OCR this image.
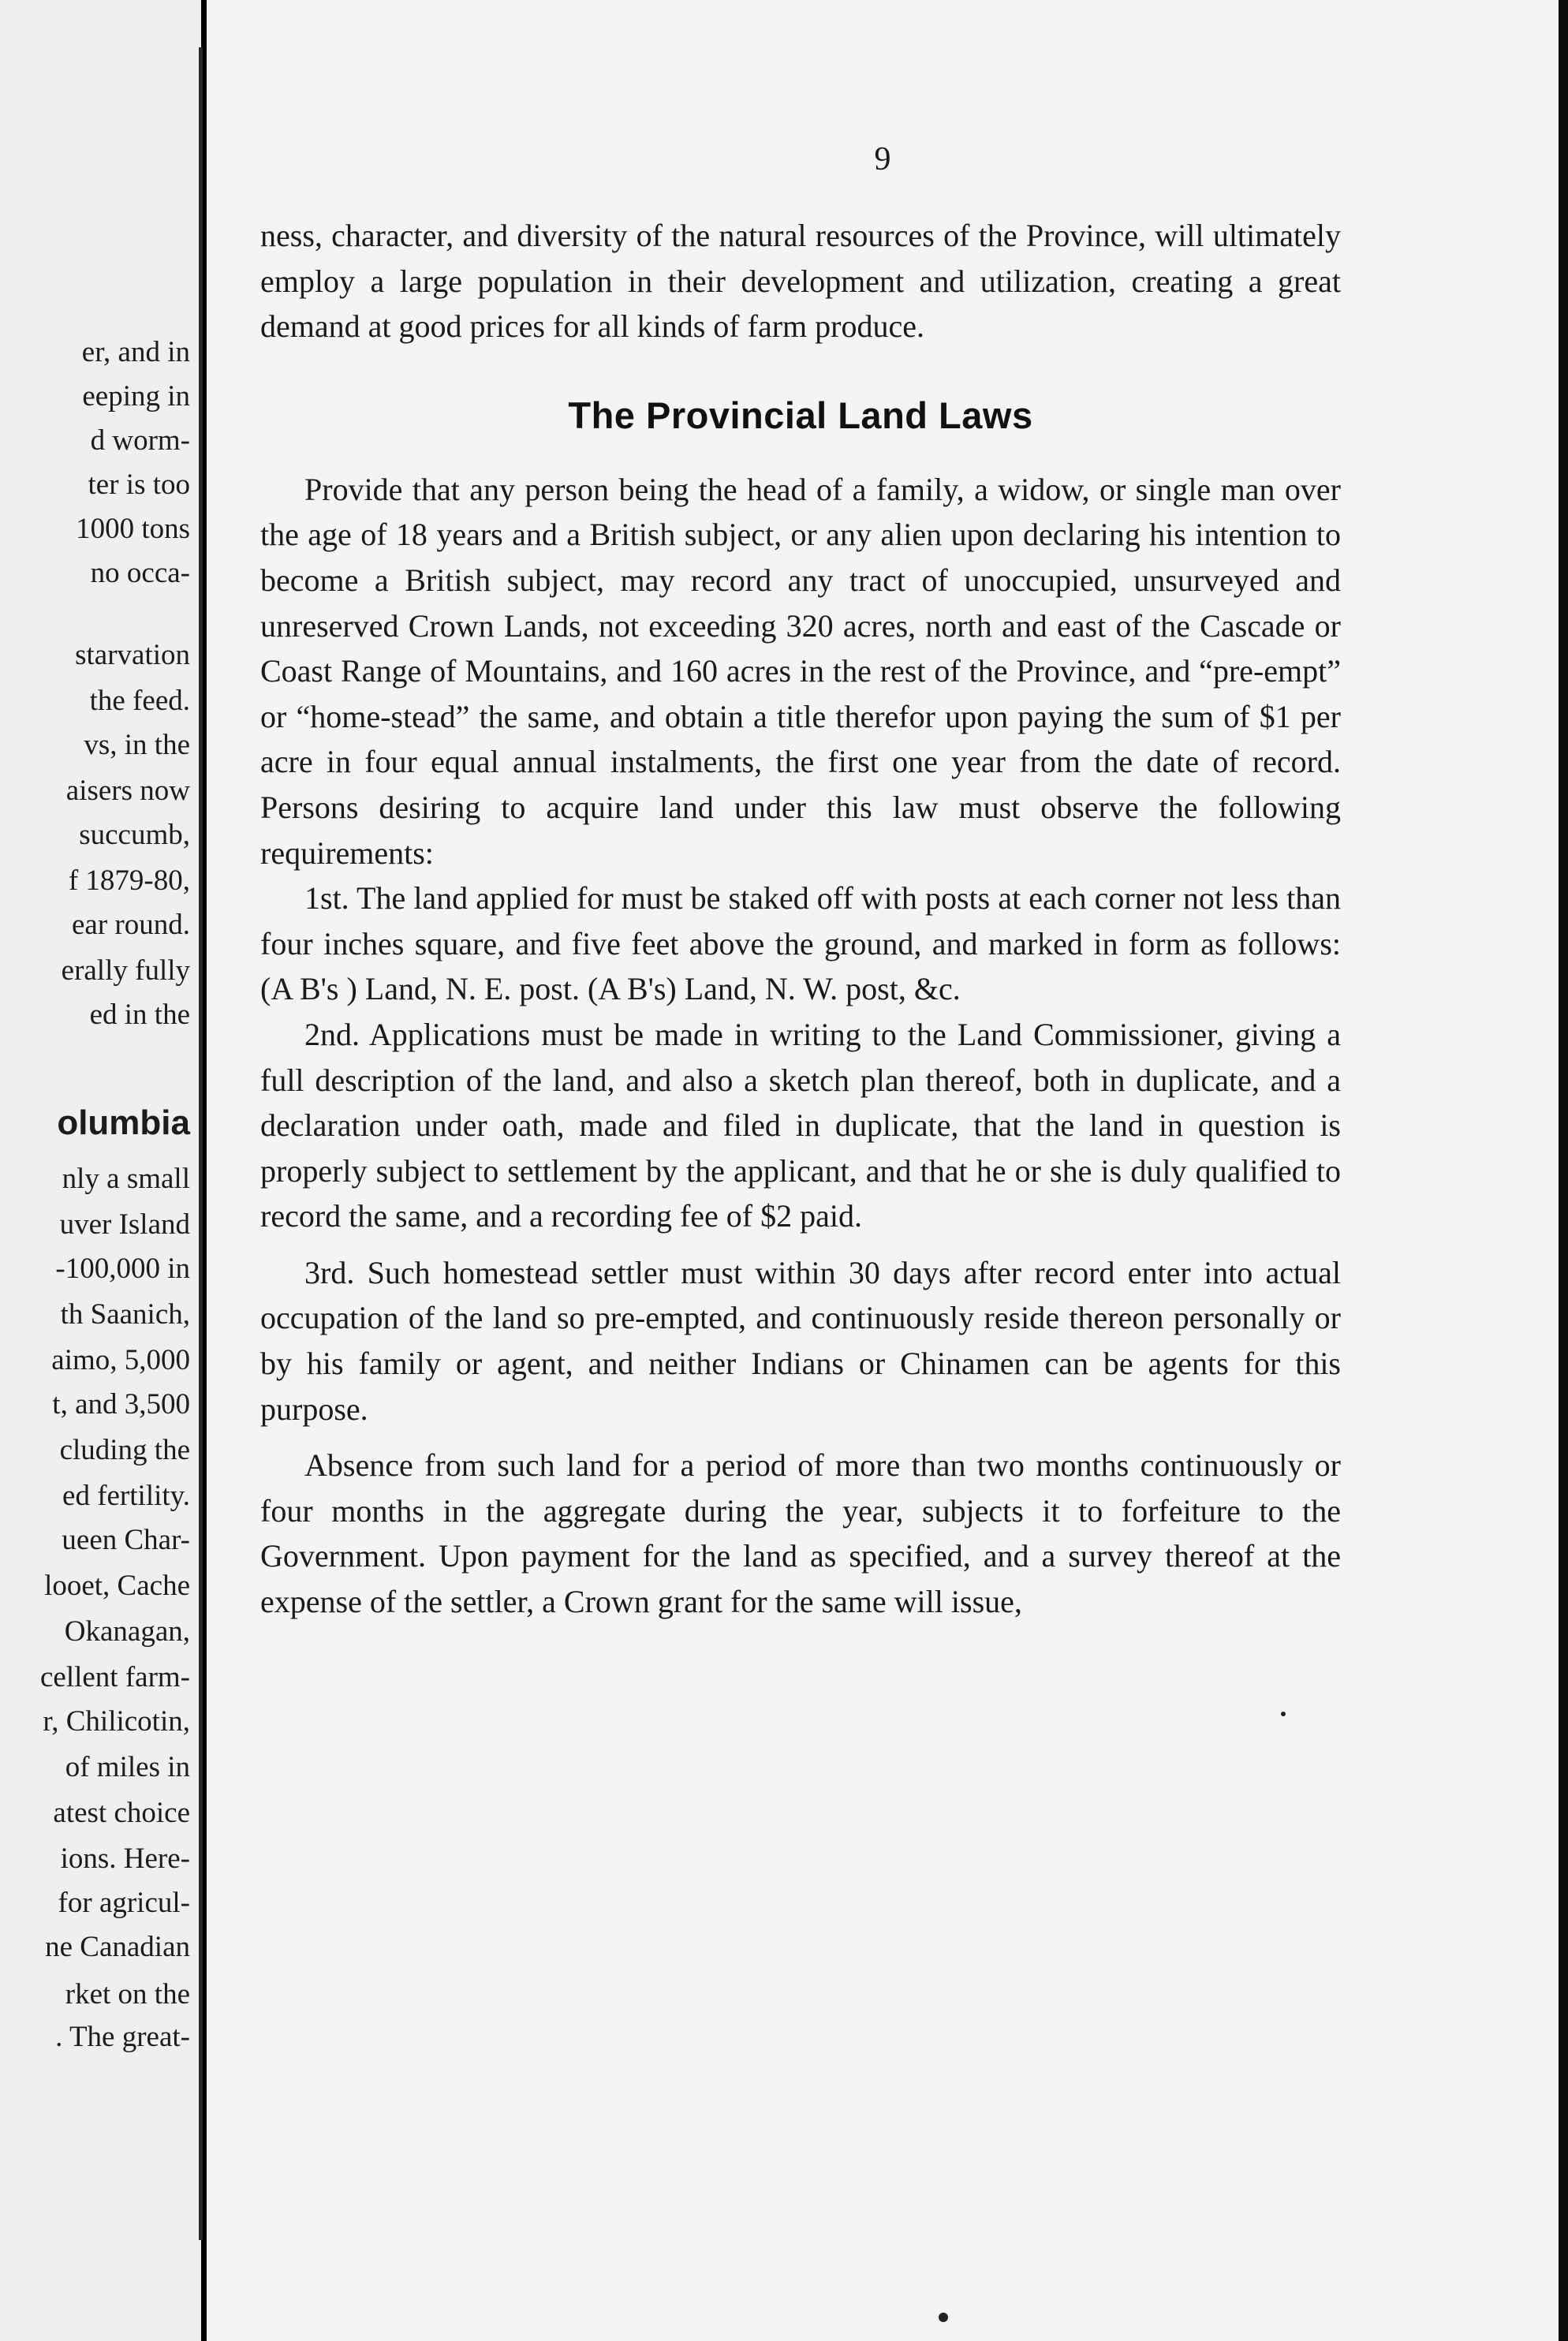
er, and in
eeping in
d worm-
ter is too
1000 tons
no occa-
starvation
the feed.
vs, in the
aisers now
succumb,
f 1879-80,
ear round.
erally fully
ed in the
olumbia
nly a small
uver Island
-100,000 in
th Saanich,
aimo, 5,000
t, and 3,500
cluding the
ed fertility.
ueen Char-
looet, Cache
Okanagan,
cellent farm-
r, Chilicotin,
of miles in
atest choice
ions. Here-
for agricul-
ne Canadian
rket on the
. The great-
9

ness, character, and diversity of the natural resources of the Province, will ultimately employ a large population in their development and utilization, creating a great demand at good prices for all kinds of farm produce.

The Provincial Land Laws

Provide that any person being the head of a family, a widow, or single man over the age of 18 years and a British subject, or any alien upon declaring his intention to become a British subject, may record any tract of unoccupied, unsurveyed and unreserved Crown Lands, not exceeding 320 acres, north and east of the Cascade or Coast Range of Mountains, and 160 acres in the rest of the Province, and “pre-empt” or “home-stead” the same, and obtain a title therefor upon paying the sum of $1 per acre in four equal annual instalments, the first one year from the date of record. Persons desiring to acquire land under this law must observe the following requirements:

1st. The land applied for must be staked off with posts at each corner not less than four inches square, and five feet above the ground, and marked in form as follows: (A B's ) Land, N. E. post. (A B's) Land, N. W. post, &c.

2nd. Applications must be made in writing to the Land Commissioner, giving a full description of the land, and also a sketch plan thereof, both in duplicate, and a declaration under oath, made and filed in duplicate, that the land in question is properly subject to settlement by the applicant, and that he or she is duly qualified to record the same, and a recording fee of $2 paid.

3rd. Such homestead settler must within 30 days after record enter into actual occupation of the land so pre-empted, and continuously reside thereon personally or by his family or agent, and neither Indians or Chinamen can be agents for this purpose.

Absence from such land for a period of more than two months continuously or four months in the aggregate during the year, subjects it to forfeiture to the Government. Upon payment for the land as specified, and a survey thereof at the expense of the settler, a Crown grant for the same will issue,
